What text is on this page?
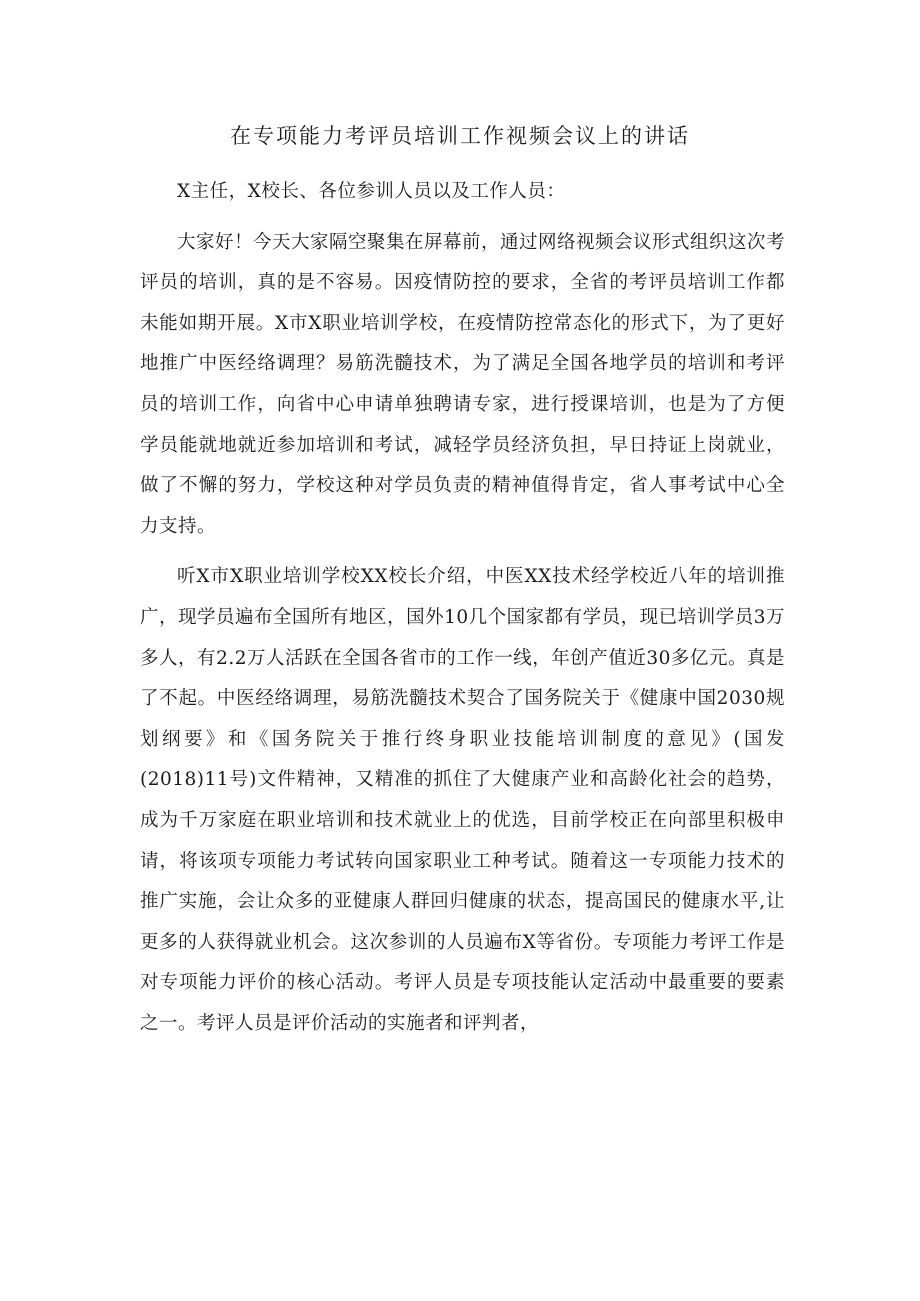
在专项能力考评员培训工作视频会议上的讲话

X主任，X校长、各位参训人员以及工作人员：

大家好！今天大家隔空聚集在屏幕前，通过网络视频会议形式组织这次考评员的培训，真的是不容易。因疫情防控的要求，全省的考评员培训工作都未能如期开展。X市X职业培训学校，在疫情防控常态化的形式下，为了更好地推广中医经络调理？易筋洗髓技术，为了满足全国各地学员的培训和考评员的培训工作，向省中心申请单独聘请专家，进行授课培训，也是为了方便学员能就地就近参加培训和考试，减轻学员经济负担，早日持证上岗就业，做了不懈的努力，学校这种对学员负责的精神值得肯定，省人事考试中心全力支持。

听X市X职业培训学校XX校长介绍，中医XX技术经学校近八年的培训推广，现学员遍布全国所有地区，国外10几个国家都有学员，现已培训学员3万多人，有2.2万人活跃在全国各省市的工作一线，年创产值近30多亿元。真是了不起。中医经络调理，易筋洗髓技术契合了国务院关于《健康中国2030规划纲要》和《国务院关于推行终身职业技能培训制度的意见》(国发(2018)11号)文件精神，又精准的抓住了大健康产业和高龄化社会的趋势，成为千万家庭在职业培训和技术就业上的优选，目前学校正在向部里积极申请，将该项专项能力考试转向国家职业工种考试。随着这一专项能力技术的推广实施，会让众多的亚健康人群回归健康的状态，提高国民的健康水平,让更多的人获得就业机会。这次参训的人员遍布X等省份。专项能力考评工作是对专项能力评价的核心活动。考评人员是专项技能认定活动中最重要的要素之一。考评人员是评价活动的实施者和评判者，
